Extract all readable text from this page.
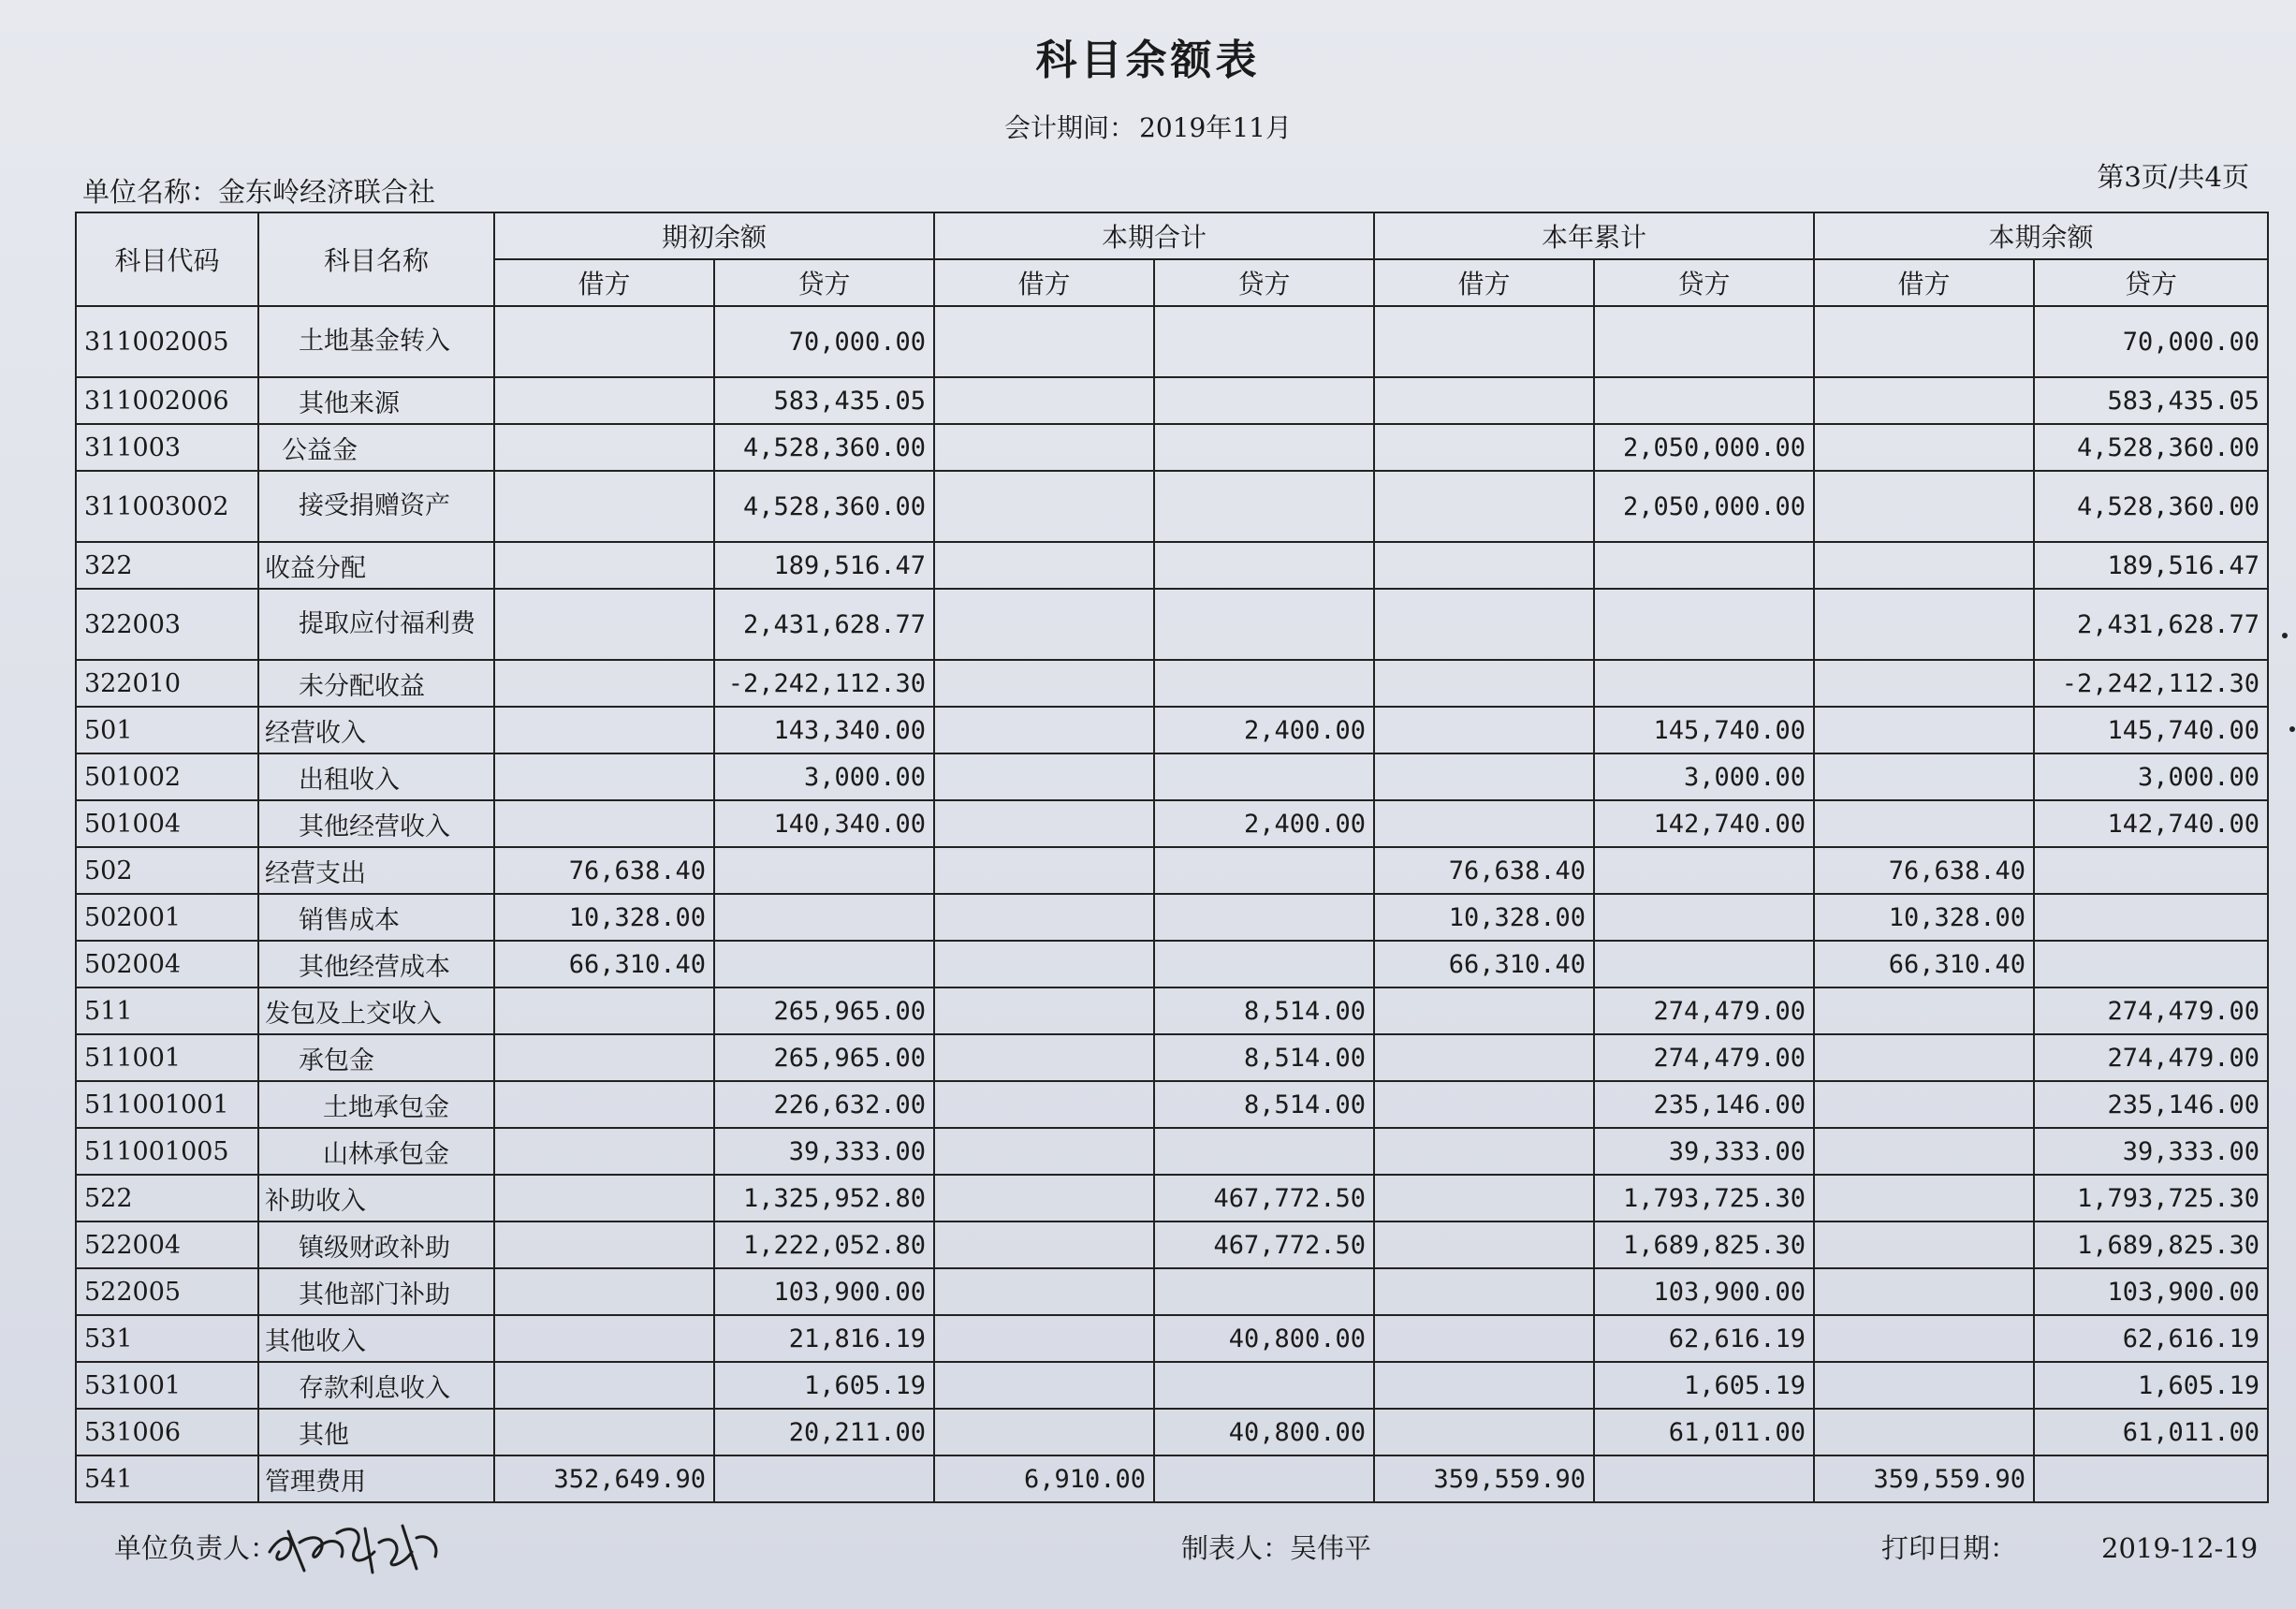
科目余额表
会计期间： 2019年11月
单位名称：金东岭经济联合社	第3页/共4页
科目代码	科目名称	期初余额		本期合计		本年累计		本期余额	
		借方	贷方	借方	贷方	借方	贷方	借方	贷方
311002005	土地基金转入		70,000.00						70,000.00
311002006	其他来源		583,435.05						583,435.05
311003	公益金		4,528,360.00				2,050,000.00		4,528,360.00
311003002	接受捐赠资产		4,528,360.00				2,050,000.00		4,528,360.00
322	收益分配		189,516.47						189,516.47
322003	提取应付福利费		2,431,628.77						2,431,628.77
322010	未分配收益		-2,242,112.30						-2,242,112.30
501	经营收入		143,340.00		2,400.00		145,740.00		145,740.00
501002	出租收入		3,000.00				3,000.00		3,000.00
501004	其他经营收入		140,340.00		2,400.00		142,740.00		142,740.00
502	经营支出	76,638.40				76,638.40		76,638.40	
502001	销售成本	10,328.00				10,328.00		10,328.00	
502004	其他经营成本	66,310.40				66,310.40		66,310.40	
511	发包及上交收入		265,965.00		8,514.00		274,479.00		274,479.00
511001	承包金		265,965.00		8,514.00		274,479.00		274,479.00
511001001	土地承包金		226,632.00		8,514.00		235,146.00		235,146.00
511001005	山林承包金		39,333.00				39,333.00		39,333.00
522	补助收入		1,325,952.80		467,772.50		1,793,725.30		1,793,725.30
522004	镇级财政补助		1,222,052.80		467,772.50		1,689,825.30		1,689,825.30
522005	其他部门补助		103,900.00				103,900.00		103,900.00
531	其他收入		21,816.19		40,800.00		62,616.19		62,616.19
531001	存款利息收入		1,605.19				1,605.19		1,605.19
531006	其他		20,211.00		40,800.00		61,011.00		61,011.00
541	管理费用	352,649.90		6,910.00		359,559.90		359,559.90	
单位负责人：	制表人：吴伟平	打印日期：	2019-12-19
